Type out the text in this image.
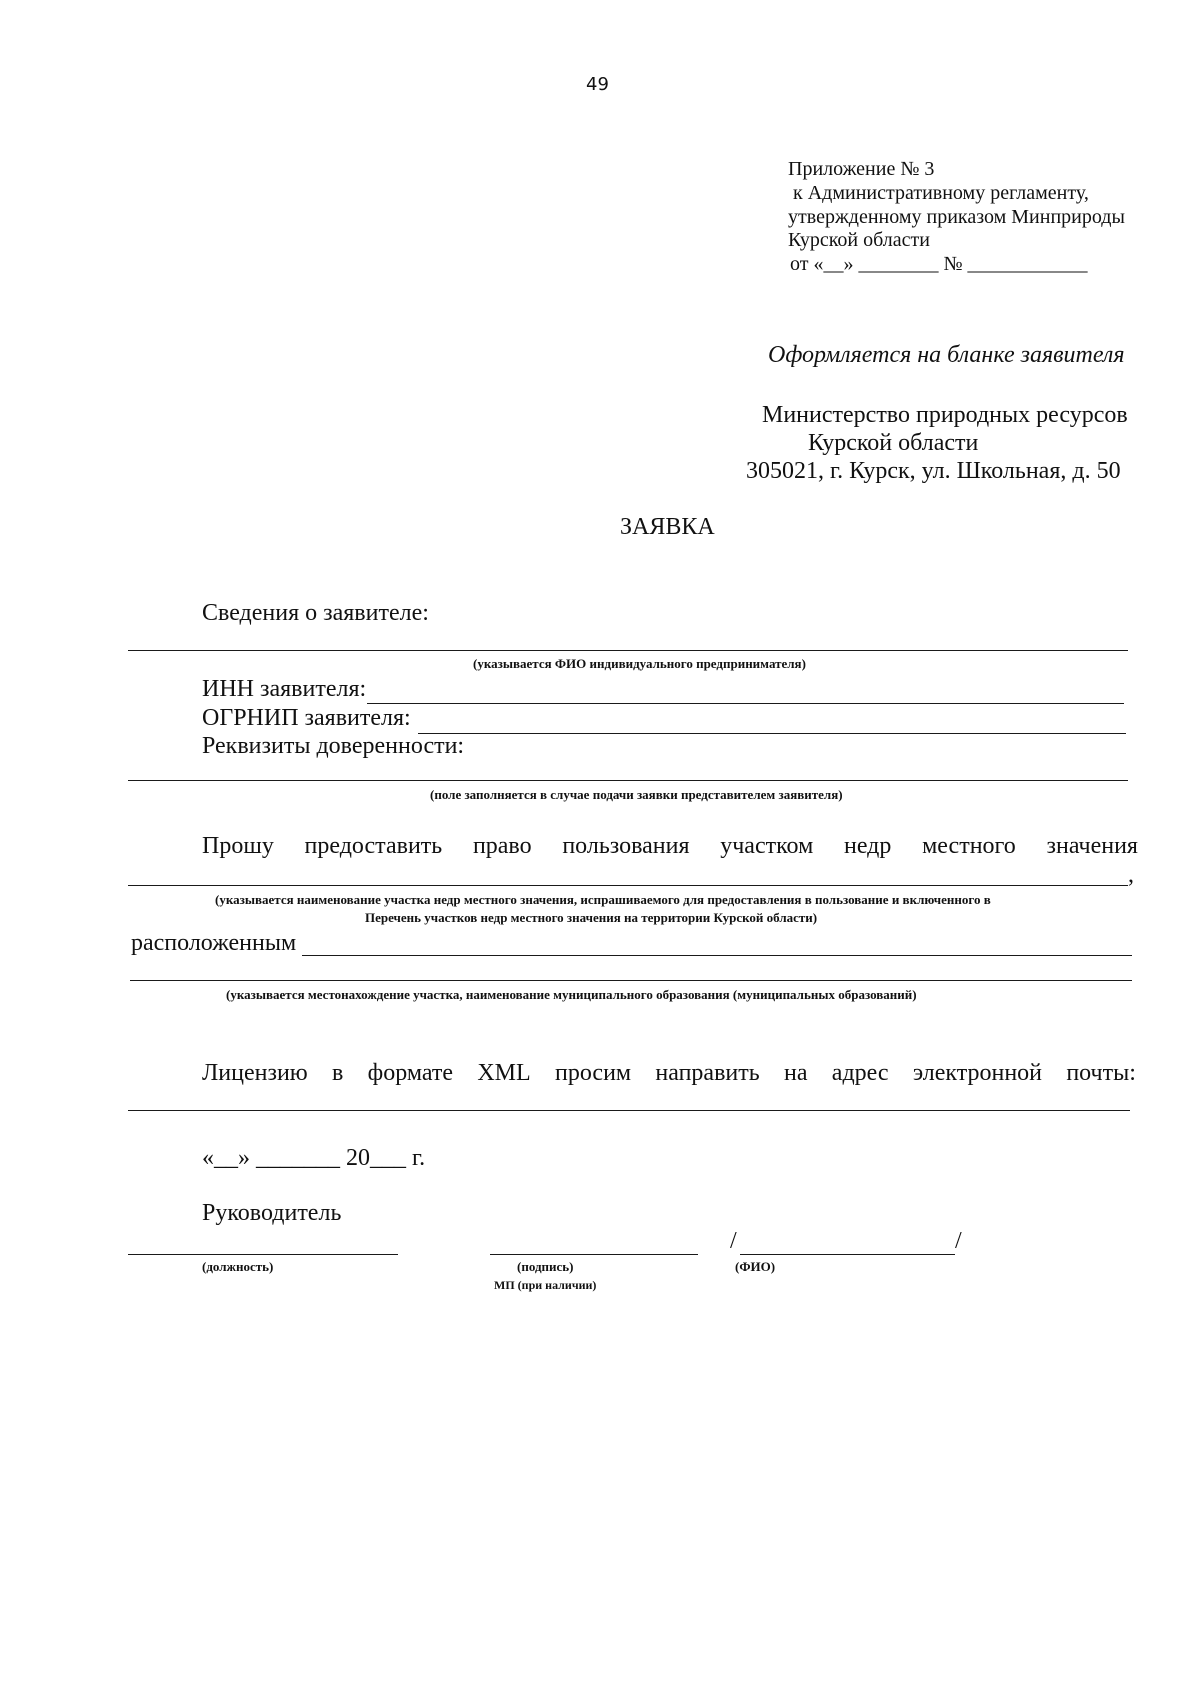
49
Приложение № 3
к Административному регламенту,
утвержденному приказом Минприроды
Курской области
от «__» ________ № ____________
Оформляется на бланке заявителя
Министерство природных ресурсов
Курской области
305021, г. Курск, ул. Школьная, д. 50
ЗАЯВКА
Сведения о заявителе:
(указывается ФИО индивидуального предпринимателя)
ИНН заявителя:
ОГРНИП заявителя:
Реквизиты доверенности:
(поле заполняется в случае подачи заявки представителем заявителя)
Прошу предоставить право пользования участком недр местного значения
,
(указывается наименование участка недр местного значения, испрашиваемого для предоставления в пользование и включенного в
Перечень участков недр местного значения на территории Курской области)
расположенным
(указывается местонахождение участка, наименование муниципального образования (муниципальных образований)
Лицензию в формате XML просим направить на адрес электронной почты:
«__» _______ 20___ г.
Руководитель
/	/
(должность)	(подпись)	(ФИО)
МП (при наличии)
